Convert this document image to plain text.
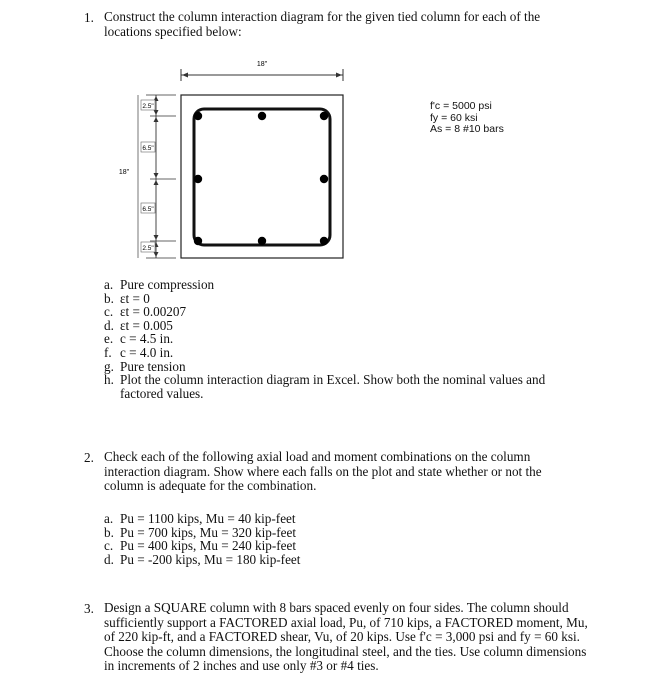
1. Construct the column interaction diagram for the given tied column for each of the locations specified below:
18"
18"
2.5"
6.5"
6.5"
2.5"
f'c = 5000 psi
fy = 60 ksi
As = 8 #10 bars
a. Pure compression
b. εt = 0
c. εt = 0.00207
d. εt = 0.005
e. c = 4.5 in.
f. c = 4.0 in.
g. Pure tension
h. Plot the column interaction diagram in Excel. Show both the nominal values and factored values.
2. Check each of the following axial load and moment combinations on the column interaction diagram. Show where each falls on the plot and state whether or not the column is adequate for the combination.
a. Pu = 1100 kips, Mu = 40 kip-feet
b. Pu = 700 kips, Mu = 320 kip-feet
c. Pu = 400 kips, Mu = 240 kip-feet
d. Pu = -200 kips, Mu = 180 kip-feet
3. Design a SQUARE column with 8 bars spaced evenly on four sides. The column should sufficiently support a FACTORED axial load, Pu, of 710 kips, a FACTORED moment, Mu, of 220 kip-ft, and a FACTORED shear, Vu, of 20 kips. Use f'c = 3,000 psi and fy = 60 ksi. Choose the column dimensions, the longitudinal steel, and the ties. Use column dimensions in increments of 2 inches and use only #3 or #4 ties.
